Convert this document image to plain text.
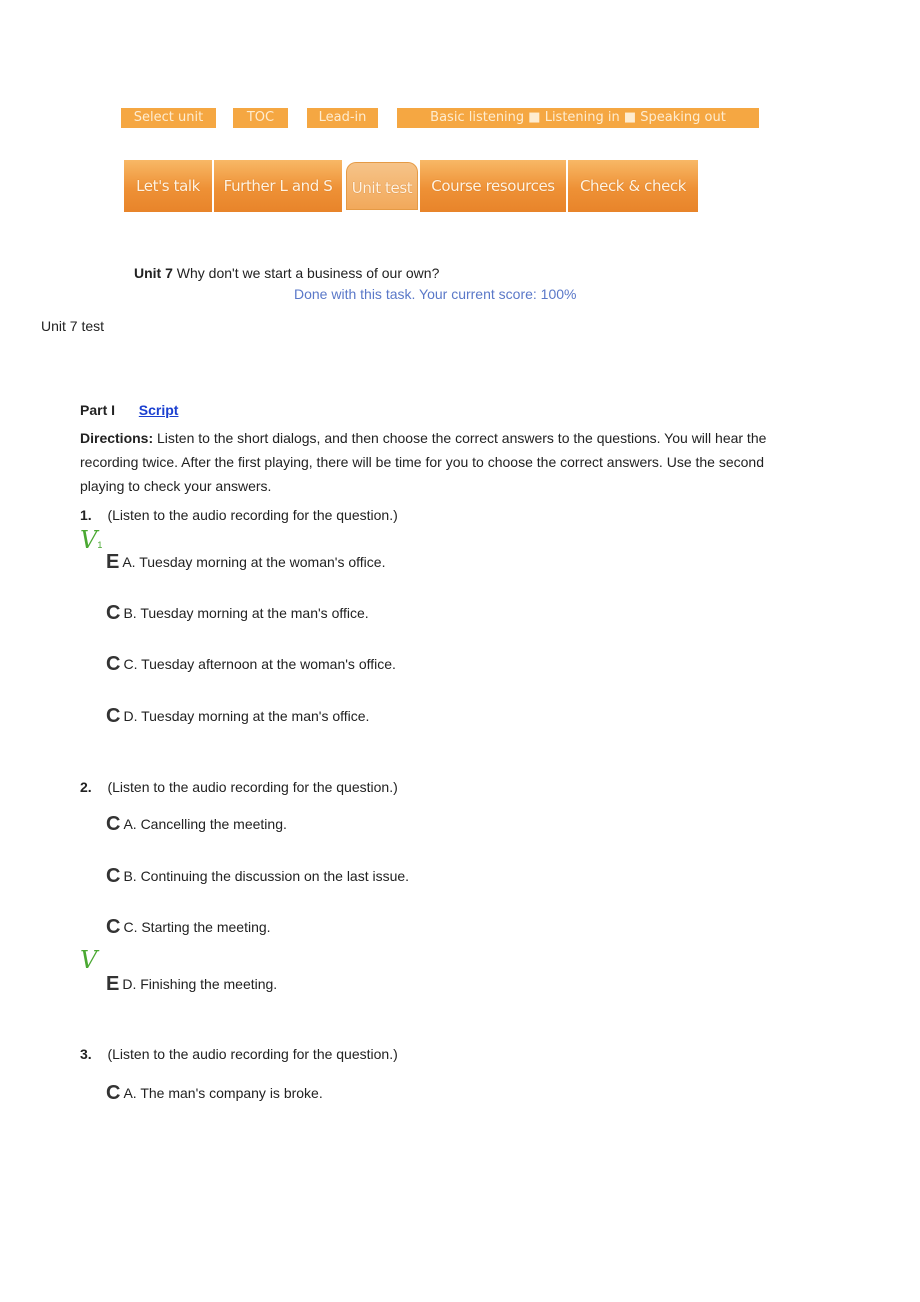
Select unit	TOC	Lead-in	Basic listening ■ Listening in ■ Speaking out
Let's talk	Further L and S	Unit test	Course resources	Check & check
Unit 7 Why don't we start a business of our own?
Done with this task. Your current score: 100%
Unit 7 test
Part I Script
Directions: Listen to the short dialogs, and then choose the correct answers to the questions. You will hear the
recording twice. After the first playing, there will be time for you to choose the correct answers. Use the second
playing to check your answers.
1. (Listen to the audio recording for the question.)
V1
E A. Tuesday morning at the woman's office.
C B. Tuesday morning at the man's office.
C C. Tuesday afternoon at the woman's office.
C D. Tuesday morning at the man's office.
2. (Listen to the audio recording for the question.)
C A. Cancelling the meeting.
C B. Continuing the discussion on the last issue.
C C. Starting the meeting.
V
E D. Finishing the meeting.
3. (Listen to the audio recording for the question.)
C A. The man's company is broke.
